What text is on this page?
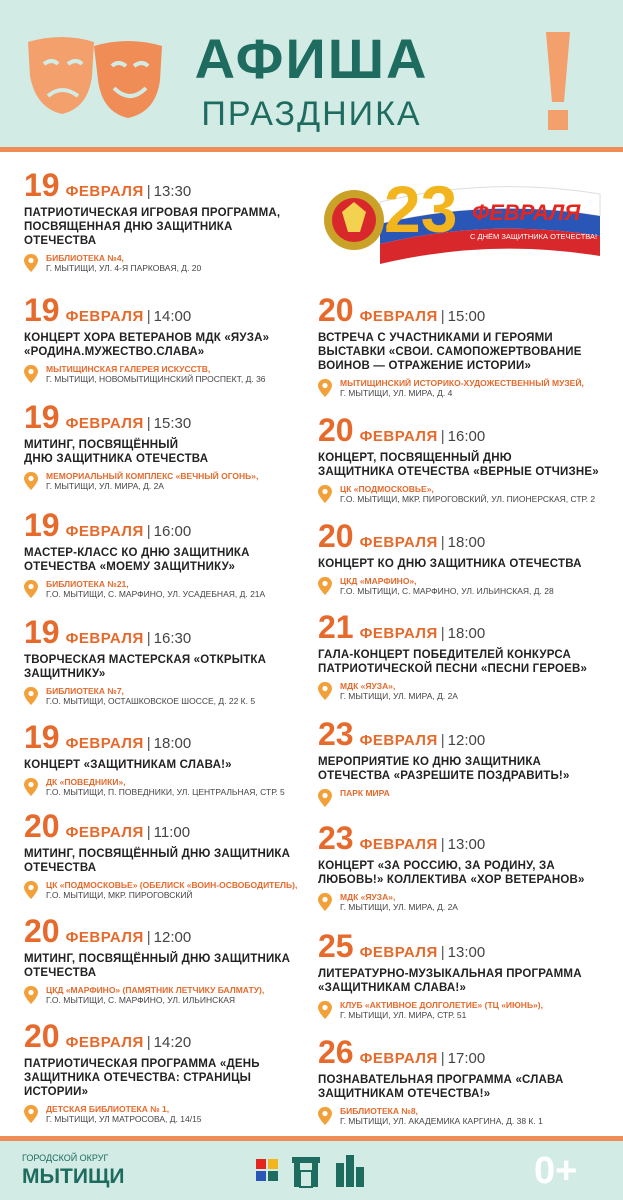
АФИША
ПРАЗДНИКА
23 ФЕВРАЛЯ
С ДНЁМ ЗАЩИТНИКА ОТЕЧЕСТВА!
19 ФЕВРАЛЯ | 13:30
ПАТРИОТИЧЕСКАЯ ИГРОВАЯ ПРОГРАММА,
ПОСВЯЩЕННАЯ ДНЮ ЗАЩИТНИКА
ОТЕЧЕСТВА
БИБЛИОТЕКА №4,
Г. МЫТИЩИ, УЛ. 4-Я ПАРКОВАЯ, Д. 20
19 ФЕВРАЛЯ | 14:00
КОНЦЕРТ ХОРА ВЕТЕРАНОВ МДК «ЯУЗА»
«РОДИНА.МУЖЕСТВО.СЛАВА»
МЫТИЩИНСКАЯ ГАЛЕРЕЯ ИСКУССТВ,
Г. МЫТИЩИ, НОВОМЫТИЩИНСКИЙ ПРОСПЕКТ, Д. 36
19 ФЕВРАЛЯ | 15:30
МИТИНГ, ПОСВЯЩЁННЫЙ
ДНЮ ЗАЩИТНИКА ОТЕЧЕСТВА
МЕМОРИАЛЬНЫЙ КОМПЛЕКС «ВЕЧНЫЙ ОГОНЬ»,
Г. МЫТИЩИ, УЛ. МИРА, Д. 2А
19 ФЕВРАЛЯ | 16:00
МАСТЕР-КЛАСС КО ДНЮ ЗАЩИТНИКА
ОТЕЧЕСТВА «МОЕМУ ЗАЩИТНИКУ»
БИБЛИОТЕКА №21,
Г.О. МЫТИЩИ, С. МАРФИНО, УЛ. УСАДЕБНАЯ, Д. 21А
19 ФЕВРАЛЯ | 16:30
ТВОРЧЕСКАЯ МАСТЕРСКАЯ «ОТКРЫТКА
ЗАЩИТНИКУ»
БИБЛИОТЕКА №7,
Г.О. МЫТИЩИ, ОСТАШКОВСКОЕ ШОССЕ, Д. 22 К. 5
19 ФЕВРАЛЯ | 18:00
КОНЦЕРТ «ЗАЩИТНИКАМ СЛАВА!»
ДК «ПОВЕДНИКИ»,
Г.О. МЫТИЩИ, П. ПОВЕДНИКИ, УЛ. ЦЕНТРАЛЬНАЯ, СТР. 5
20 ФЕВРАЛЯ | 11:00
МИТИНГ, ПОСВЯЩЁННЫЙ ДНЮ ЗАЩИТНИКА
ОТЕЧЕСТВА
ЦК «ПОДМОСКОВЬЕ» (ОБЕЛИСК «ВОИН-ОСВОБОДИТЕЛЬ),
Г.О. МЫТИЩИ, МКР. ПИРОГОВСКИЙ
20 ФЕВРАЛЯ | 12:00
МИТИНГ, ПОСВЯЩЁННЫЙ ДНЮ ЗАЩИТНИКА
ОТЕЧЕСТВА
ЦКД «МАРФИНО» (ПАМЯТНИК ЛЕТЧИКУ БАЛМАТУ),
Г.О. МЫТИЩИ, С. МАРФИНО, УЛ. ИЛЬИНСКАЯ
20 ФЕВРАЛЯ | 14:20
ПАТРИОТИЧЕСКАЯ ПРОГРАММА «ДЕНЬ
ЗАЩИТНИКА ОТЕЧЕСТВА: СТРАНИЦЫ
ИСТОРИИ»
ДЕТСКАЯ БИБЛИОТЕКА № 1,
Г. МЫТИЩИ, УЛ МАТРОСОВА, Д. 14/15
20 ФЕВРАЛЯ | 15:00
ВСТРЕЧА С УЧАСТНИКАМИ И ГЕРОЯМИ
ВЫСТАВКИ «СВОИ. САМОПОЖЕРТВОВАНИЕ
ВОИНОВ — ОТРАЖЕНИЕ ИСТОРИИ»
МЫТИЩИНСКИЙ ИСТОРИКО-ХУДОЖЕСТВЕННЫЙ МУЗЕЙ,
Г. МЫТИЩИ, УЛ. МИРА, Д. 4
20 ФЕВРАЛЯ | 16:00
КОНЦЕРТ, ПОСВЯЩЕННЫЙ ДНЮ
ЗАЩИТНИКА ОТЕЧЕСТВА «ВЕРНЫЕ ОТЧИЗНЕ»
ЦК «ПОДМОСКОВЬЕ»,
Г.О. МЫТИЩИ, МКР. ПИРОГОВСКИЙ, УЛ. ПИОНЕРСКАЯ, СТР. 2
20 ФЕВРАЛЯ | 18:00
КОНЦЕРТ КО ДНЮ ЗАЩИТНИКА ОТЕЧЕСТВА
ЦКД «МАРФИНО»,
Г.О. МЫТИЩИ, С. МАРФИНО, УЛ. ИЛЬИНСКАЯ, Д. 28
21 ФЕВРАЛЯ | 18:00
ГАЛА-КОНЦЕРТ ПОБЕДИТЕЛЕЙ КОНКУРСА
ПАТРИОТИЧЕСКОЙ ПЕСНИ «ПЕСНИ ГЕРОЕВ»
МДК «ЯУЗА»,
Г. МЫТИЩИ, УЛ. МИРА, Д. 2А
23 ФЕВРАЛЯ | 12:00
МЕРОПРИЯТИЕ КО ДНЮ ЗАЩИТНИКА
ОТЕЧЕСТВА «РАЗРЕШИТЕ ПОЗДРАВИТЬ!»
ПАРК МИРА
23 ФЕВРАЛЯ | 13:00
КОНЦЕРТ «ЗА РОССИЮ, ЗА РОДИНУ, ЗА
ЛЮБОВЬ!» КОЛЛЕКТИВА «ХОР ВЕТЕРАНОВ»
МДК «ЯУЗА»,
Г. МЫТИЩИ, УЛ. МИРА, Д. 2А
25 ФЕВРАЛЯ | 13:00
ЛИТЕРАТУРНО-МУЗЫКАЛЬНАЯ ПРОГРАММА
«ЗАЩИТНИКАМ СЛАВА!»
КЛУБ «АКТИВНОЕ ДОЛГОЛЕТИЕ» (ТЦ «ИЮНЬ»),
Г. МЫТИЩИ, УЛ. МИРА, СТР. 51
26 ФЕВРАЛЯ | 17:00
ПОЗНАВАТЕЛЬНАЯ ПРОГРАММА «СЛАВА
ЗАЩИТНИКАМ ОТЕЧЕСТВА!»
БИБЛИОТЕКА №8,
Г. МЫТИЩИ, УЛ. АКАДЕМИКА КАРГИНА, Д. 38 К. 1
ГОРОДСКОЙ ОКРУГ
МЫТИЩИ	0+
